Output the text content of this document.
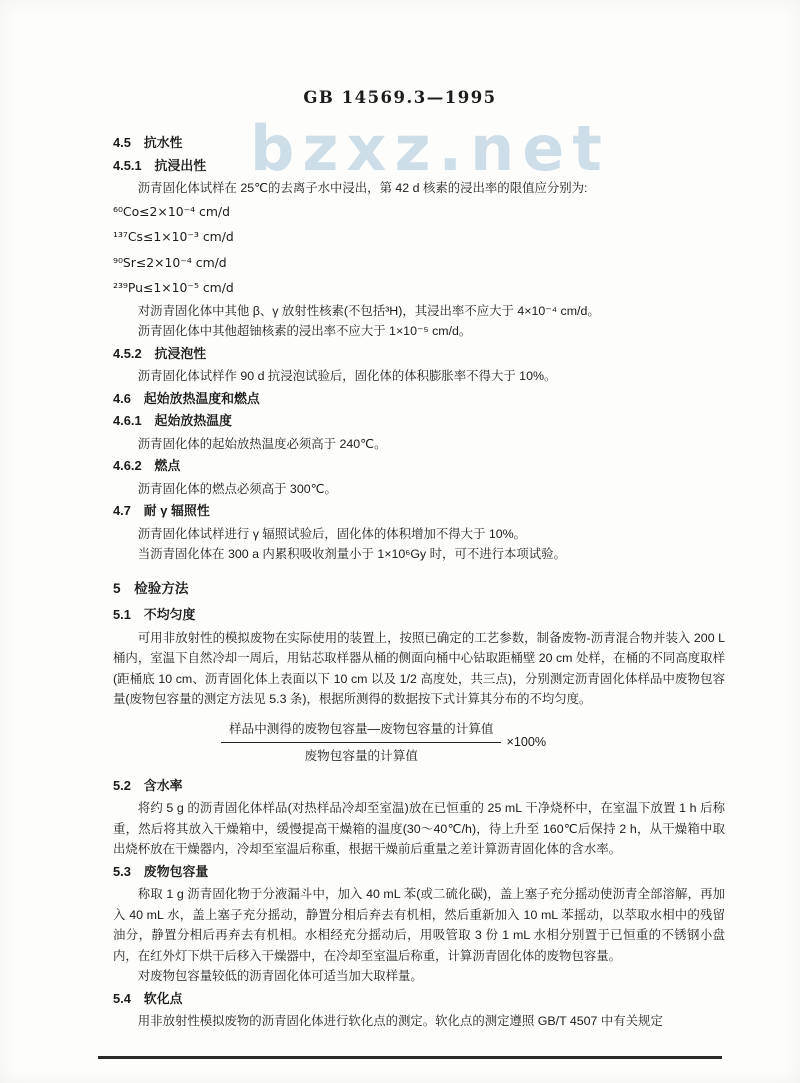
bzxz.net
GB 14569.3—1995
4.5　抗水性
4.5.1　抗浸出性

沥青固化体试样在 25℃的去离子水中浸出，第 42 d 核素的浸出率的限值应分别为:

⁶⁰Co≤2×10⁻⁴ cm/d
¹³⁷Cs≤1×10⁻³ cm/d
⁹⁰Sr≤2×10⁻⁴ cm/d
²³⁹Pu≤1×10⁻⁵ cm/d

对沥青固化体中其他 β、γ 放射性核素(不包括³H)，其浸出率不应大于 4×10⁻⁴ cm/d。

沥青固化体中其他超铀核素的浸出率不应大于 1×10⁻⁵ cm/d。

4.5.2　抗浸泡性

沥青固化体试样作 90 d 抗浸泡试验后，固化体的体积膨胀率不得大于 10%。

4.6　起始放热温度和燃点
4.6.1　起始放热温度

沥青固化体的起始放热温度必须高于 240℃。

4.6.2　燃点

沥青固化体的燃点必须高于 300℃。

4.7　耐 γ 辐照性

沥青固化体试样进行 γ 辐照试验后，固化体的体积增加不得大于 10%。

当沥青固化体在 300 a 内累积吸收剂量小于 1×10⁶Gy 时，可不进行本项试验。

5　检验方法
5.1　不均匀度

可用非放射性的模拟废物在实际使用的装置上，按照已确定的工艺参数，制备废物-沥青混合物并装入 200 L 桶内，室温下自然冷却一周后，用钻芯取样器从桶的侧面向桶中心钻取距桶壁 20 cm 处样，在桶的不同高度取样(距桶底 10 cm、沥青固化体上表面以下 10 cm 以及 1/2 高度处，共三点)，分别测定沥青固化体样品中废物包容量(废物包容量的测定方法见 5.3 条)，根据所测得的数据按下式计算其分布的不均匀度。

$\frac{\text{样品中测得的废物包容量—废物包容量的计算值}}{\text{废物包容量的计算值}} \times 100\%$
5.2　含水率

将约 5 g 的沥青固化体样品(对热样品冷却至室温)放在已恒重的 25 mL 干净烧杯中，在室温下放置 1 h 后称重，然后将其放入干燥箱中，缓慢提高干燥箱的温度(30～40℃/h)，待上升至 160℃后保持 2 h，从干燥箱中取出烧杯放在干燥器内，冷却至室温后称重，根据干燥前后重量之差计算沥青固化体的含水率。

5.3　废物包容量

称取 1 g 沥青固化物于分液漏斗中，加入 40 mL 苯(或二硫化碳)，盖上塞子充分摇动使沥青全部溶解，再加入 40 mL 水，盖上塞子充分摇动，静置分相后弃去有机相，然后重新加入 10 mL 苯摇动，以萃取水相中的残留油分，静置分相后再弃去有机相。水相经充分摇动后，用吸管取 3 份 1 mL 水相分别置于已恒重的不锈钢小盘内，在红外灯下烘干后移入干燥器中，在冷却至室温后称重，计算沥青固化体的废物包容量。

对废物包容量较低的沥青固化体可适当加大取样量。

5.4　软化点

用非放射性模拟废物的沥青固化体进行软化点的测定。软化点的测定遵照 GB/T 4507 中有关规定
